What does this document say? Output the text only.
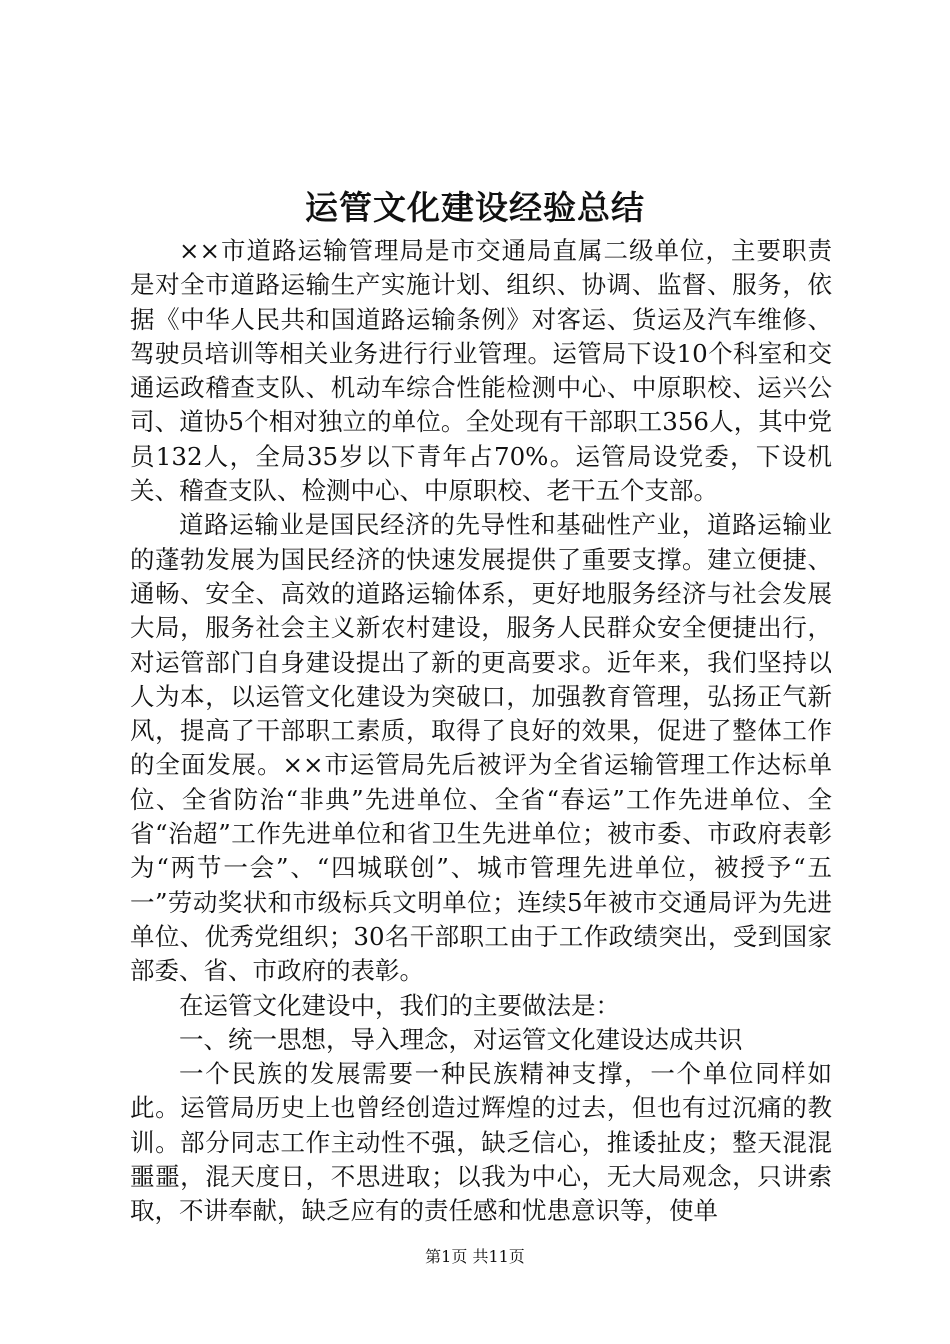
运管文化建设经验总结

××市道路运输管理局是市交通局直属二级单位，主要职责是对全市道路运输生产实施计划、组织、协调、监督、服务，依据《中华人民共和国道路运输条例》对客运、货运及汽车维修、驾驶员培训等相关业务进行行业管理。运管局下设10个科室和交通运政稽查支队、机动车综合性能检测中心、中原职校、运兴公司、道协5个相对独立的单位。全处现有干部职工356人，其中党员132人，全局35岁以下青年占70%。运管局设党委，下设机关、稽查支队、检测中心、中原职校、老干五个支部。

道路运输业是国民经济的先导性和基础性产业，道路运输业的蓬勃发展为国民经济的快速发展提供了重要支撑。建立便捷、通畅、安全、高效的道路运输体系，更好地服务经济与社会发展大局，服务社会主义新农村建设，服务人民群众安全便捷出行，对运管部门自身建设提出了新的更高要求。近年来，我们坚持以人为本，以运管文化建设为突破口，加强教育管理，弘扬正气新风，提高了干部职工素质，取得了良好的效果，促进了整体工作的全面发展。××市运管局先后被评为全省运输管理工作达标单位、全省防治“非典”先进单位、全省“春运”工作先进单位、全省“治超”工作先进单位和省卫生先进单位；被市委、市政府表彰为“两节一会”、“四城联创”、城市管理先进单位，被授予“五一”劳动奖状和市级标兵文明单位；连续5年被市交通局评为先进单位、优秀党组织；30名干部职工由于工作政绩突出，受到国家部委、省、市政府的表彰。

在运管文化建设中，我们的主要做法是：

一、统一思想，导入理念，对运管文化建设达成共识

一个民族的发展需要一种民族精神支撑，一个单位同样如此。运管局历史上也曾经创造过辉煌的过去，但也有过沉痛的教训。部分同志工作主动性不强，缺乏信心，推诿扯皮；整天混混噩噩，混天度日，不思进取；以我为中心，无大局观念，只讲索取，不讲奉献，缺乏应有的责任感和忧患意识等，使单

第1页 共11页
